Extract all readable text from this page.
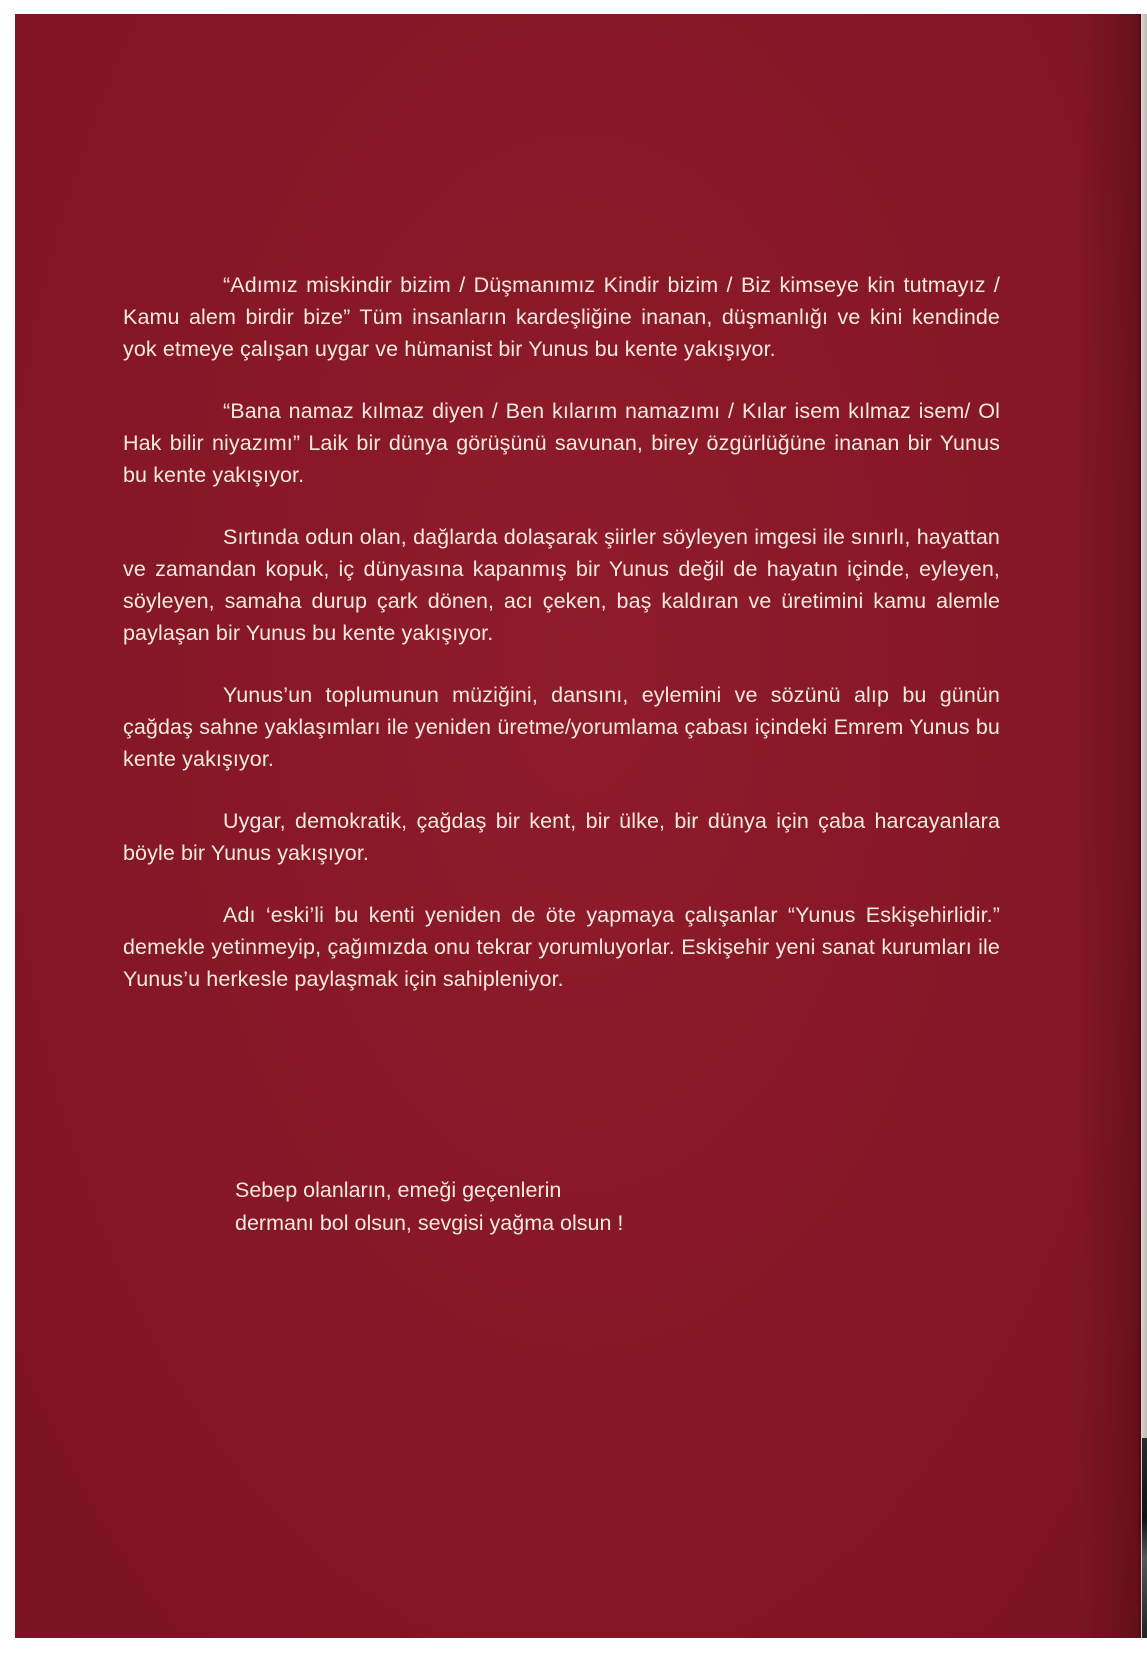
“Adımız miskindir bizim / Düşmanımız Kindir bizim / Biz kimseye kin tutmayız / Kamu alem birdir bize” Tüm insanların kardeşliğine inanan, düşmanlığı ve kini kendinde yok etmeye çalışan uygar ve hümanist bir Yunus bu kente yakışıyor.

“Bana namaz kılmaz diyen / Ben kılarım namazımı / Kılar isem kılmaz isem/ Ol Hak bilir niyazımı” Laik bir dünya görüşünü savunan, birey özgürlüğüne inanan bir Yunus bu kente yakışıyor.

Sırtında odun olan, dağlarda dolaşarak şiirler söyleyen imgesi ile sınırlı, hayattan ve zamandan kopuk, iç dünyasına kapanmış bir Yunus değil de hayatın içinde, eyleyen, söyleyen, samaha durup çark dönen, acı çeken, baş kaldıran ve üretimini kamu alemle paylaşan bir Yunus bu kente yakışıyor.

Yunus’un toplumunun müziğini, dansını, eylemini ve sözünü alıp bu günün çağdaş sahne yaklaşımları ile yeniden üretme/yorumlama çabası içindeki Emrem Yunus bu kente yakışıyor.

Uygar, demokratik, çağdaş bir kent, bir ülke, bir dünya için çaba harcayanlara böyle bir Yunus yakışıyor.

Adı ‘eski’li bu kenti yeniden de öte yapmaya çalışanlar “Yunus Eskişehirlidir.” demekle yetinmeyip, çağımızda onu tekrar yorumluyorlar. Eskişehir yeni sanat kurumları ile Yunus’u herkesle paylaşmak için sahipleniyor.

Sebep olanların, emeği geçenlerin
dermanı bol olsun, sevgisi yağma olsun !
